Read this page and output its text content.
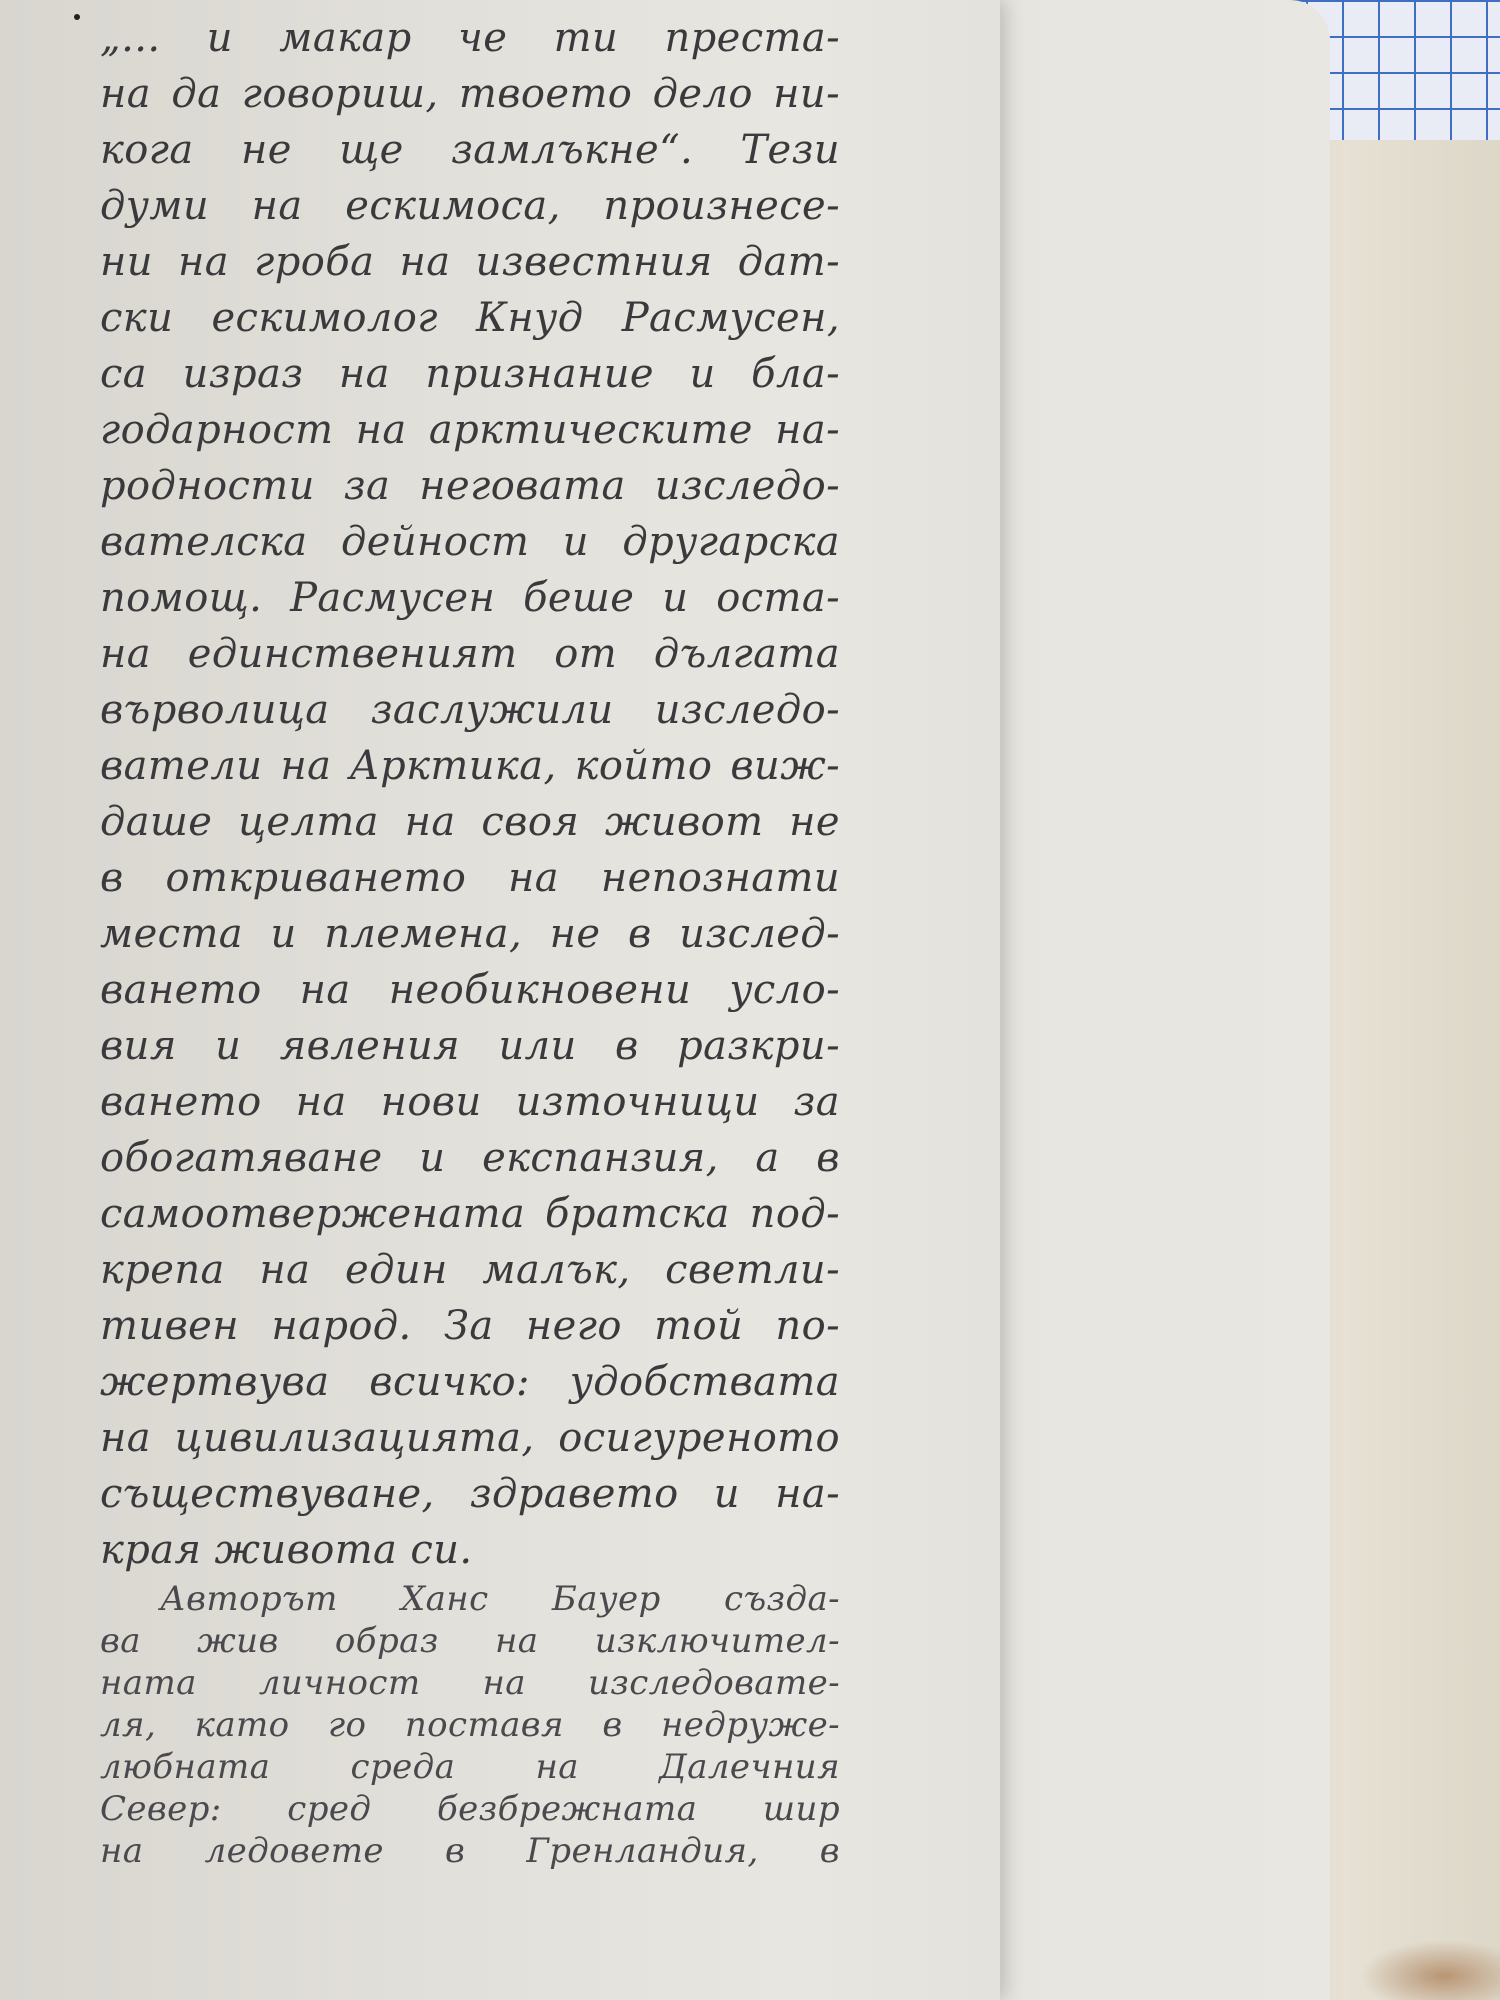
„... и макар че ти преста-
на да говориш, твоето дело ни-
кога не ще замлъкне“. Тези
думи на ескимоса, произнесе-
ни на гроба на известния дат-
ски ескимолог Кнуд Расмусен,
са израз на признание и бла-
годарност на арктическите на-
родности за неговата изследо-
вателска дейност и другарска
помощ. Расмусен беше и оста-
на единственият от дългата
върволица заслужили изследо-
ватели на Арктика, който виж-
даше целта на своя живот не
в откриването на непознати
места и племена, не в изслед-
ването на необикновени усло-
вия и явления или в разкри-
ването на нови източници за
обогатяване и експанзия, а в
самоотвержената братска под-
крепа на един малък, светли-
тивен народ. За него той по-
жертвува всичко: удобствата
на цивилизацията, осигуреното
съществуване, здравето и на-
края живота си.
Авторът Ханс Бауер създа-
ва жив образ на изключител-
ната личност на изследовате-
ля, като го поставя в недруже-
любната среда на Далечния
Север: сред безбрежната шир
на ледовете в Гренландия, в
